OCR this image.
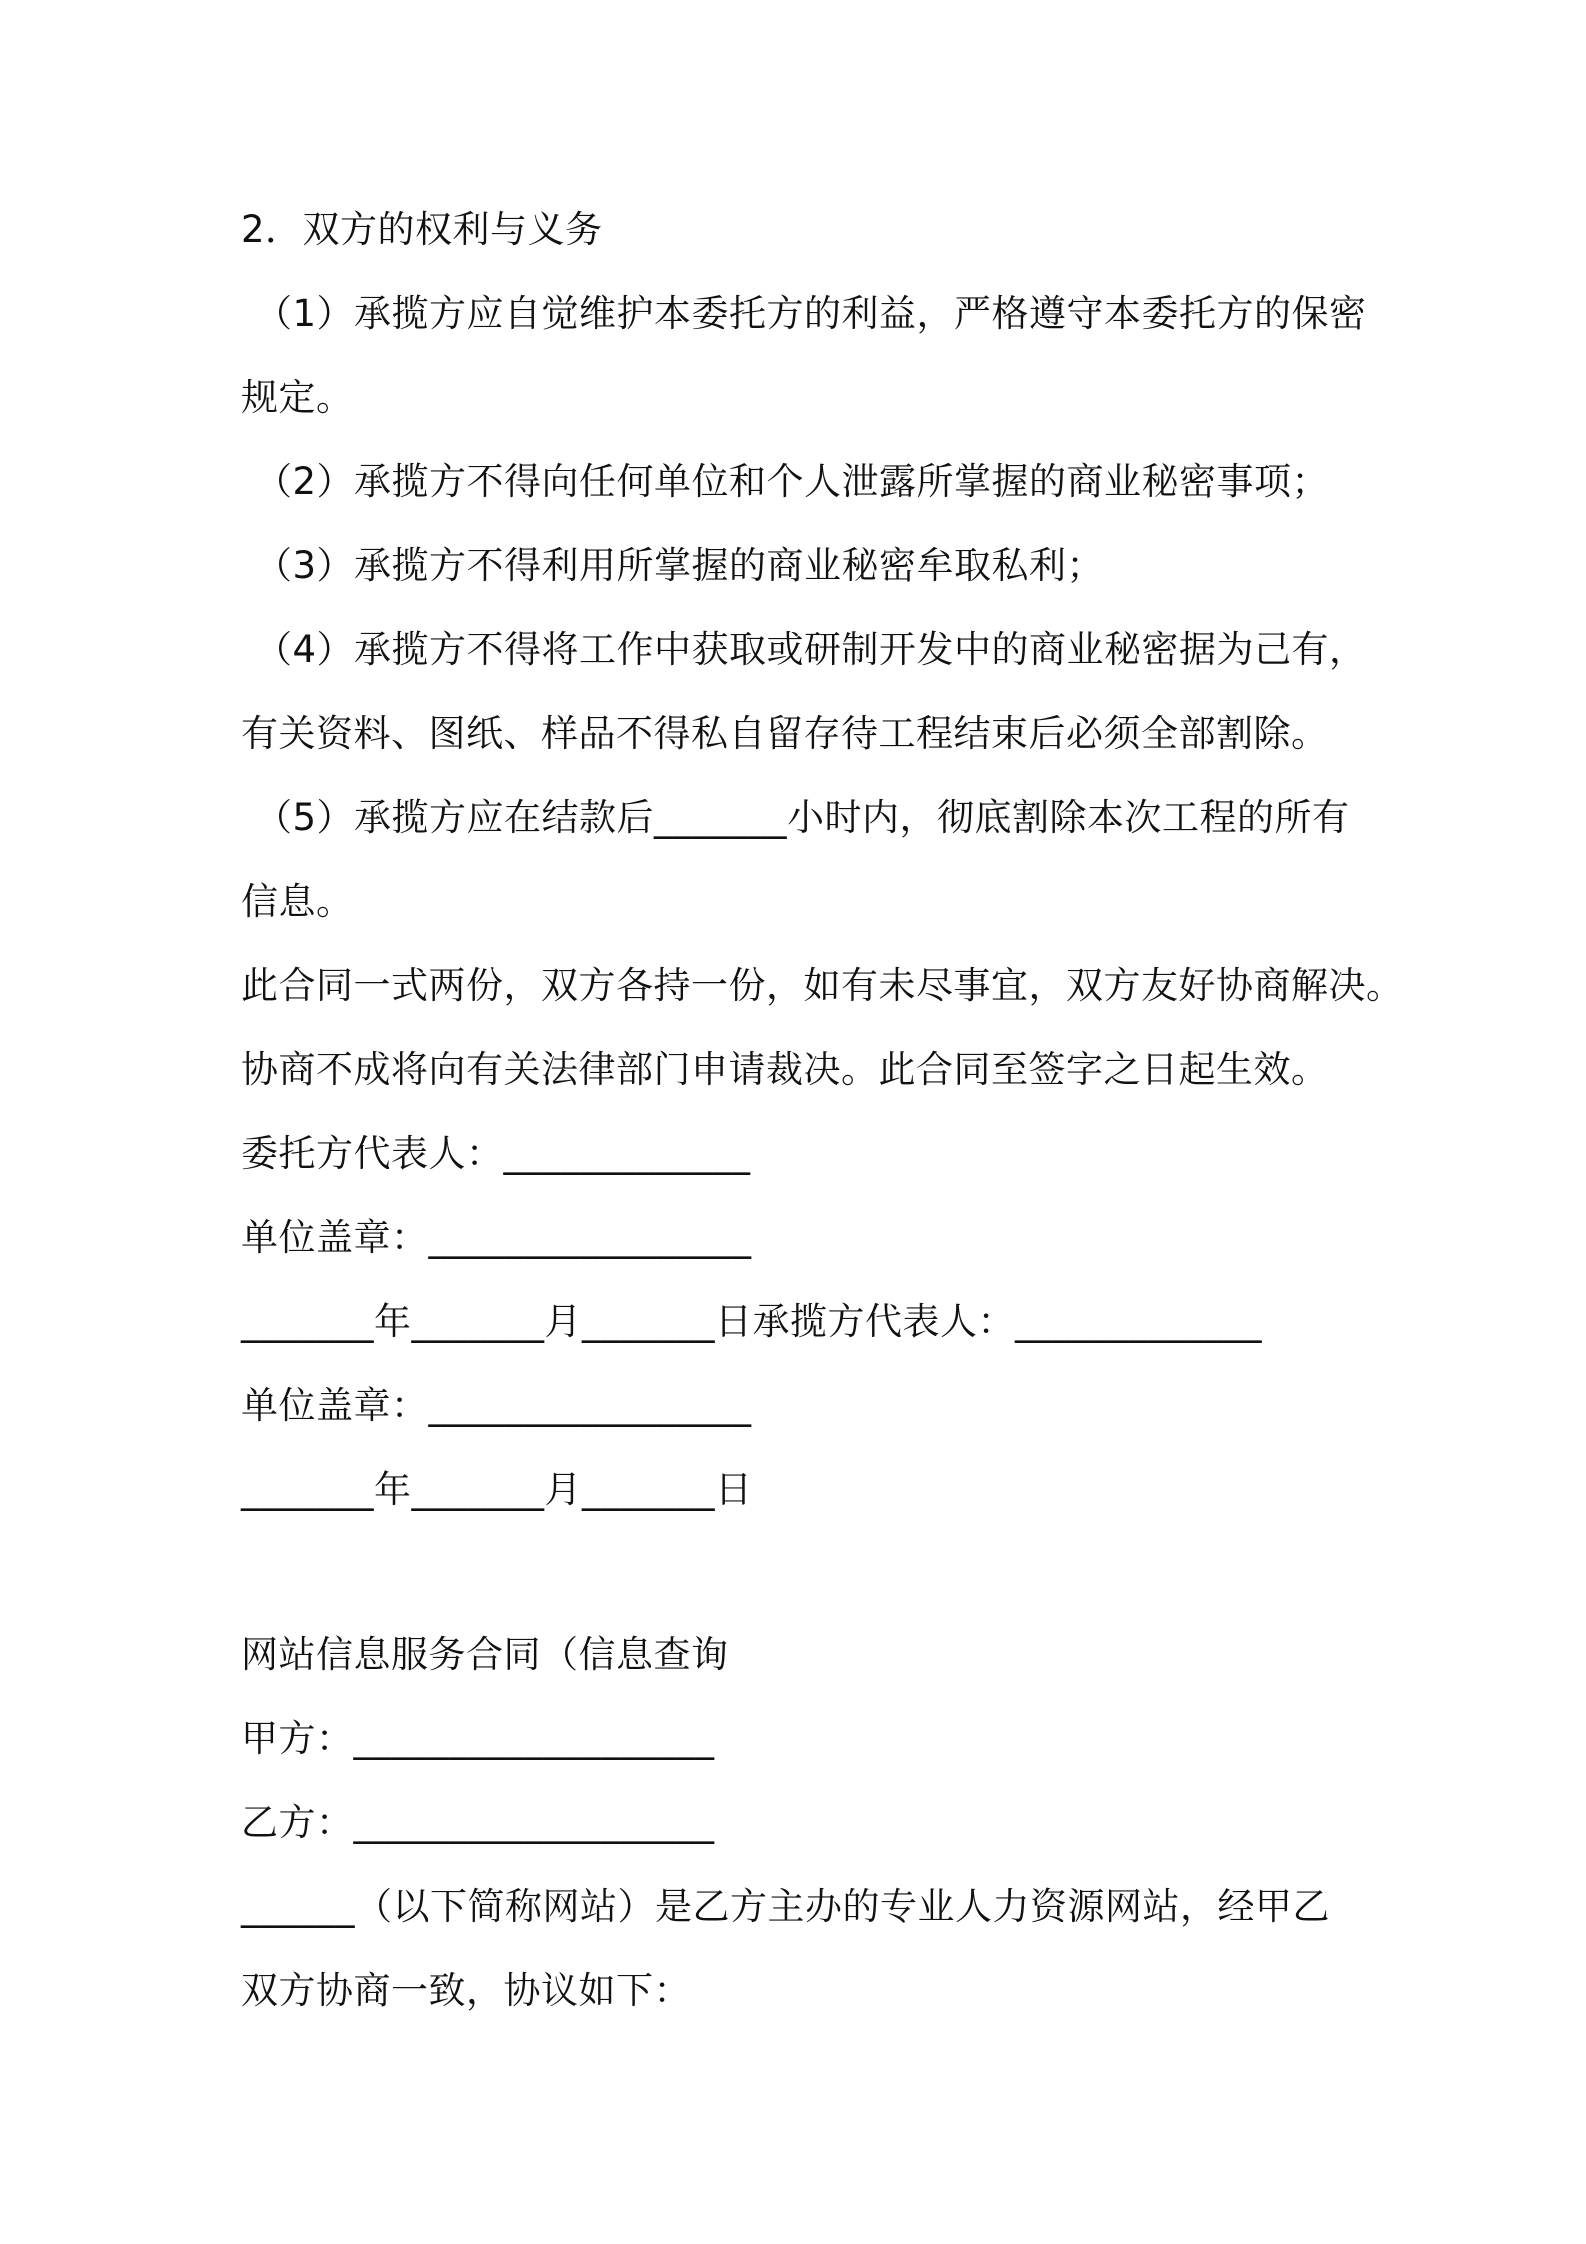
2．双方的权利与义务
（1）承揽方应自觉维护本委托方的利益，严格遵守本委托方的保密
规定。
（2）承揽方不得向任何单位和个人泄露所掌握的商业秘密事项；
（3）承揽方不得利用所掌握的商业秘密牟取私利；
（4）承揽方不得将工作中获取或研制开发中的商业秘密据为己有，
有关资料、图纸、样品不得私自留存待工程结束后必须全部割除。
（5）承揽方应在结款后_______小时内，彻底割除本次工程的所有
信息。
此合同一式两份，双方各持一份，如有未尽事宜，双方友好协商解决。
协商不成将向有关法律部门申请裁决。此合同至签字之日起生效。
委托方代表人：_____________
单位盖章：_________________
_______年_______月_______日承揽方代表人：_____________
单位盖章：_________________
_______年_______月_______日
网站信息服务合同（信息查询
甲方：___________________
乙方：___________________
______（以下简称网站）是乙方主办的专业人力资源网站，经甲乙
双方协商一致，协议如下：
